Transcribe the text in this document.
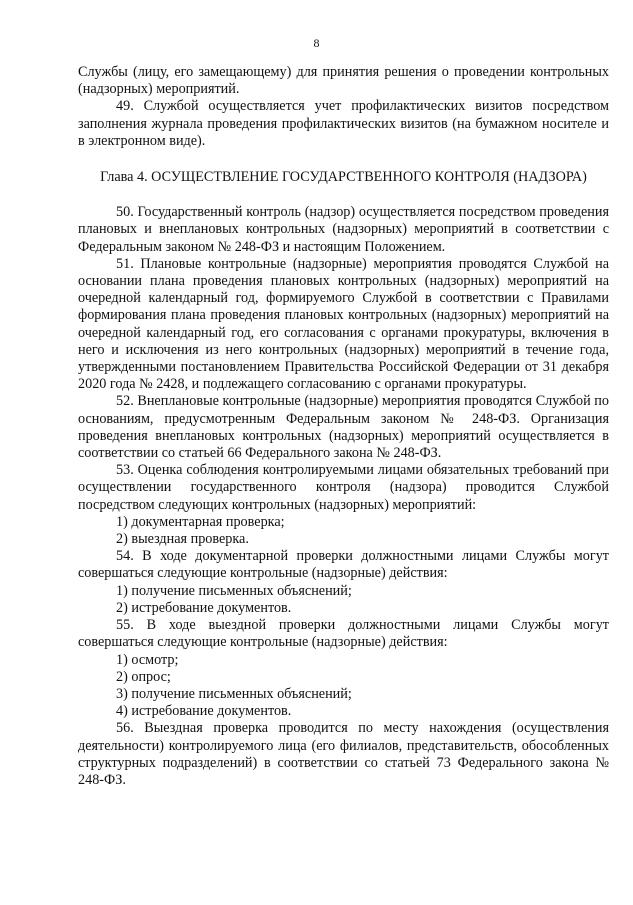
8

Службы (лицу, его замещающему) для принятия решения о проведении контрольных (надзорных) мероприятий.

49. Службой осуществляется учет профилактических визитов посредством заполнения журнала проведения профилактических визитов (на бумажном носителе и в электронном виде).

Глава 4. ОСУЩЕСТВЛЕНИЕ ГОСУДАРСТВЕННОГО КОНТРОЛЯ (НАДЗОРА)

50. Государственный контроль (надзор) осуществляется посредством проведения плановых и внеплановых контрольных (надзорных) мероприятий в соответствии с Федеральным законом № 248-ФЗ и настоящим Положением.

51. Плановые контрольные (надзорные) мероприятия проводятся Службой на основании плана проведения плановых контрольных (надзорных) мероприятий на очередной календарный год, формируемого Службой в соответствии с Правилами формирования плана проведения плановых контрольных (надзорных) мероприятий на очередной календарный год, его согласования с органами прокуратуры, включения в него и исключения из него контрольных (надзорных) мероприятий в течение года, утвержденными постановлением Правительства Российской Федерации от 31 декабря 2020 года № 2428, и подлежащего согласованию с органами прокуратуры.

52. Внеплановые контрольные (надзорные) мероприятия проводятся Службой по основаниям, предусмотренным Федеральным законом № 248-ФЗ. Организация проведения внеплановых контрольных (надзорных) мероприятий осуществляется в соответствии со статьей 66 Федерального закона № 248-ФЗ.

53. Оценка соблюдения контролируемыми лицами обязательных требований при осуществлении государственного контроля (надзора) проводится Службой посредством следующих контрольных (надзорных) мероприятий:

1) документарная проверка;

2) выездная проверка.

54. В ходе документарной проверки должностными лицами Службы могут совершаться следующие контрольные (надзорные) действия:

1) получение письменных объяснений;

2) истребование документов.

55. В ходе выездной проверки должностными лицами Службы могут совершаться следующие контрольные (надзорные) действия:

1) осмотр;

2) опрос;

3) получение письменных объяснений;

4) истребование документов.

56. Выездная проверка проводится по месту нахождения (осуществления деятельности) контролируемого лица (его филиалов, представительств, обособленных структурных подразделений) в соответствии со статьей 73 Федерального закона № 248-ФЗ.
